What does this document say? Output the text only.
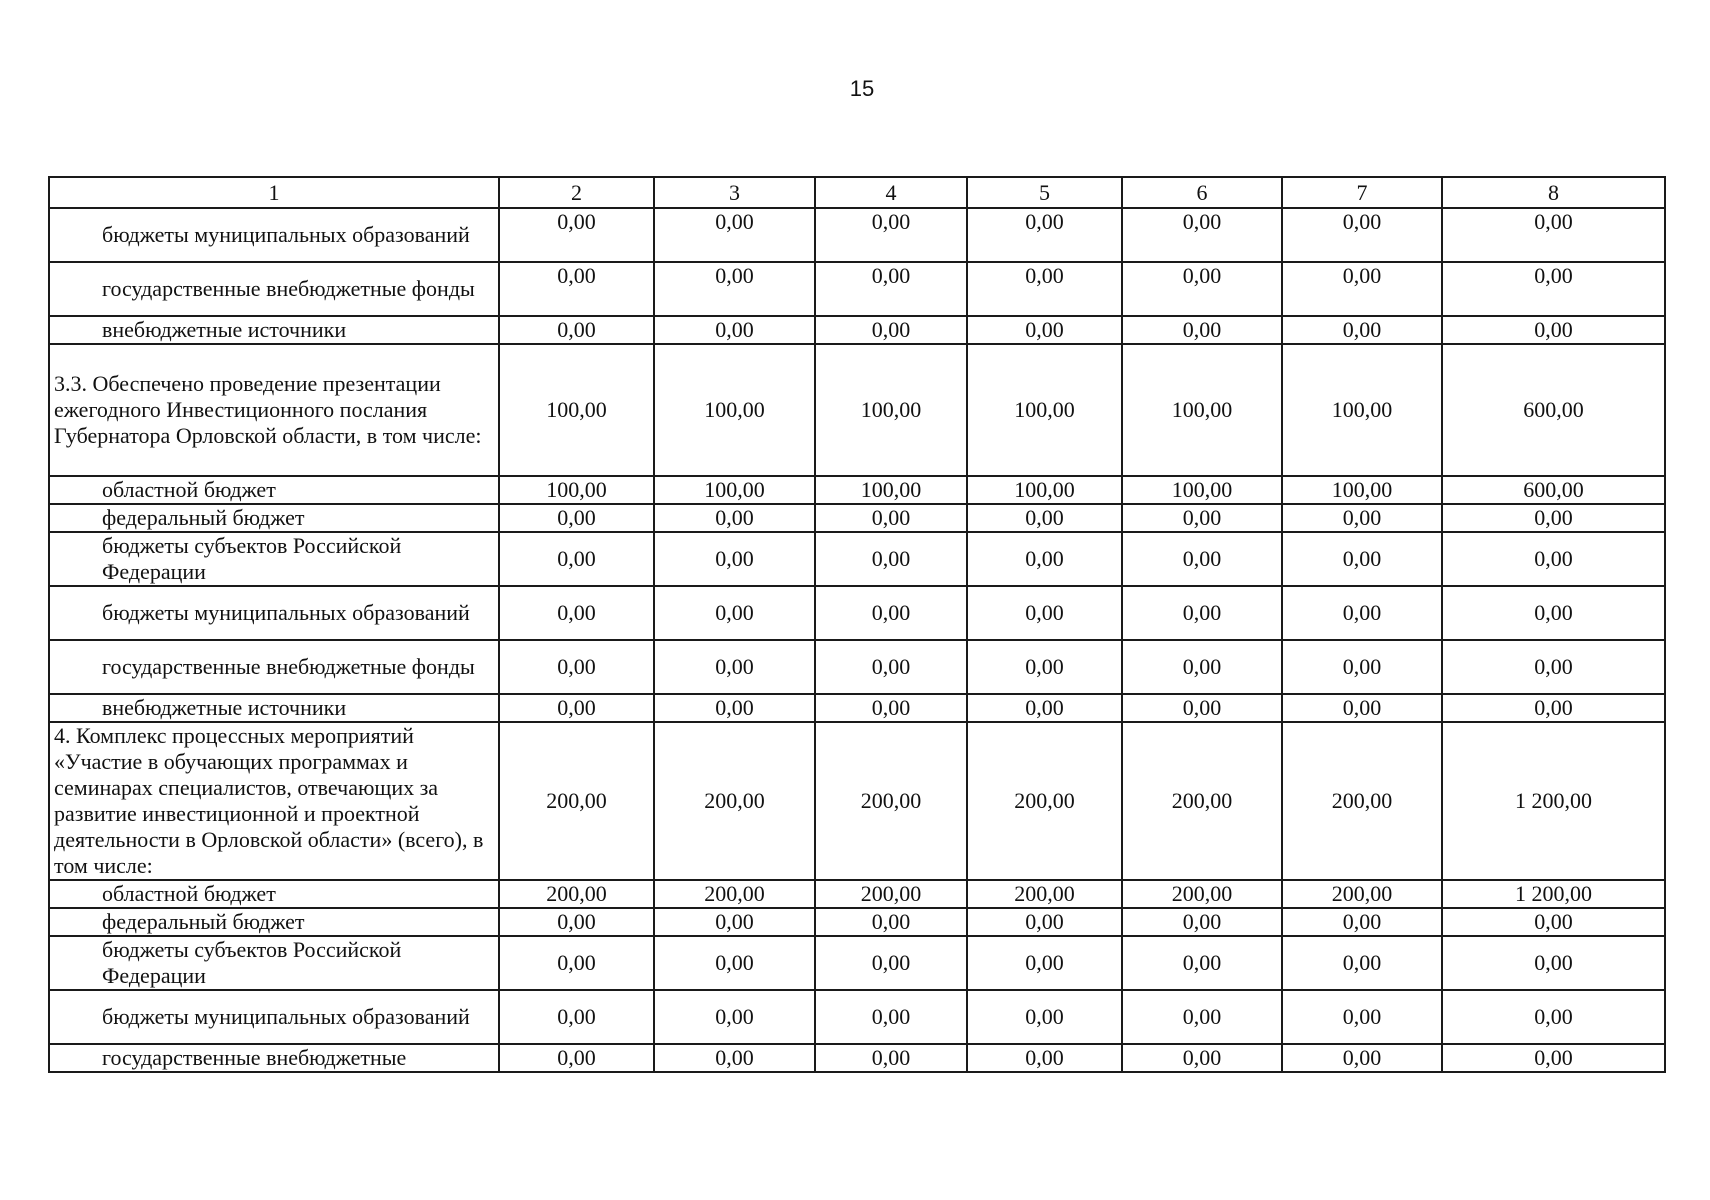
15
1	2	3	4	5	6	7	8
бюджеты муниципальных образований	0,00	0,00	0,00	0,00	0,00	0,00	0,00
государственные внебюджетные фонды	0,00	0,00	0,00	0,00	0,00	0,00	0,00
внебюджетные источники	0,00	0,00	0,00	0,00	0,00	0,00	0,00
3.3. Обеспечено проведение презентации ежегодного Инвестиционного послания Губернатора Орловской области, в том числе:	100,00	100,00	100,00	100,00	100,00	100,00	600,00
областной бюджет	100,00	100,00	100,00	100,00	100,00	100,00	600,00
федеральный бюджет	0,00	0,00	0,00	0,00	0,00	0,00	0,00
бюджеты субъектов Российской Федерации	0,00	0,00	0,00	0,00	0,00	0,00	0,00
бюджеты муниципальных образований	0,00	0,00	0,00	0,00	0,00	0,00	0,00
государственные внебюджетные фонды	0,00	0,00	0,00	0,00	0,00	0,00	0,00
внебюджетные источники	0,00	0,00	0,00	0,00	0,00	0,00	0,00
4. Комплекс процессных мероприятий «Участие в обучающих программах и семинарах специалистов, отвечающих за развитие инвестиционной и проектной деятельности в Орловской области» (всего), в том числе:	200,00	200,00	200,00	200,00	200,00	200,00	1 200,00
областной бюджет	200,00	200,00	200,00	200,00	200,00	200,00	1 200,00
федеральный бюджет	0,00	0,00	0,00	0,00	0,00	0,00	0,00
бюджеты субъектов Российской Федерации	0,00	0,00	0,00	0,00	0,00	0,00	0,00
бюджеты муниципальных образований	0,00	0,00	0,00	0,00	0,00	0,00	0,00
государственные внебюджетные	0,00	0,00	0,00	0,00	0,00	0,00	0,00
